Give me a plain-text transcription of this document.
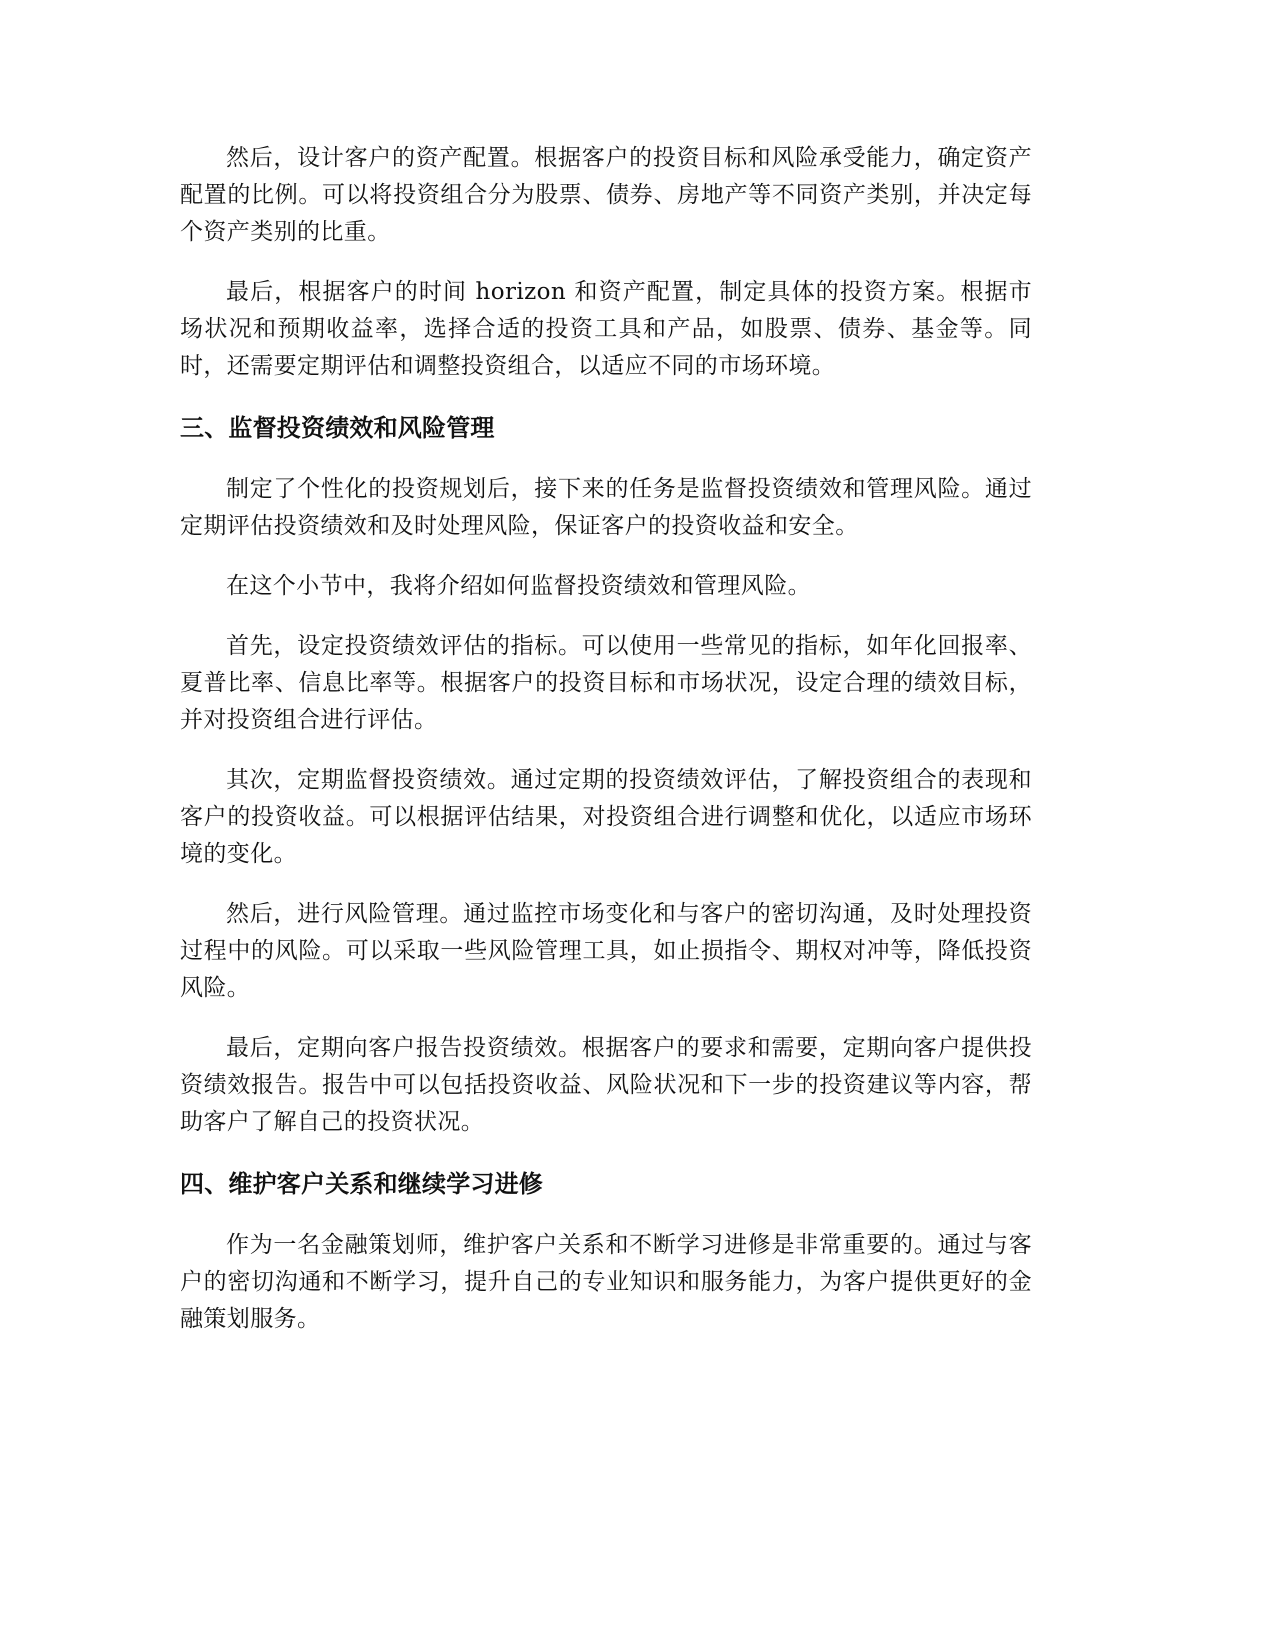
然后，设计客户的资产配置。根据客户的投资目标和风险承受能力，确定资产配置的比例。可以将投资组合分为股票、债券、房地产等不同资产类别，并决定每个资产类别的比重。

最后，根据客户的时间 horizon 和资产配置，制定具体的投资方案。根据市场状况和预期收益率，选择合适的投资工具和产品，如股票、债券、基金等。同时，还需要定期评估和调整投资组合，以适应不同的市场环境。

三、监督投资绩效和风险管理

制定了个性化的投资规划后，接下来的任务是监督投资绩效和管理风险。通过定期评估投资绩效和及时处理风险，保证客户的投资收益和安全。

在这个小节中，我将介绍如何监督投资绩效和管理风险。

首先，设定投资绩效评估的指标。可以使用一些常见的指标，如年化回报率、夏普比率、信息比率等。根据客户的投资目标和市场状况，设定合理的绩效目标，并对投资组合进行评估。

其次，定期监督投资绩效。通过定期的投资绩效评估，了解投资组合的表现和客户的投资收益。可以根据评估结果，对投资组合进行调整和优化，以适应市场环境的变化。

然后，进行风险管理。通过监控市场变化和与客户的密切沟通，及时处理投资过程中的风险。可以采取一些风险管理工具，如止损指令、期权对冲等，降低投资风险。

最后，定期向客户报告投资绩效。根据客户的要求和需要，定期向客户提供投资绩效报告。报告中可以包括投资收益、风险状况和下一步的投资建议等内容，帮助客户了解自己的投资状况。

四、维护客户关系和继续学习进修

作为一名金融策划师，维护客户关系和不断学习进修是非常重要的。通过与客户的密切沟通和不断学习，提升自己的专业知识和服务能力，为客户提供更好的金融策划服务。
